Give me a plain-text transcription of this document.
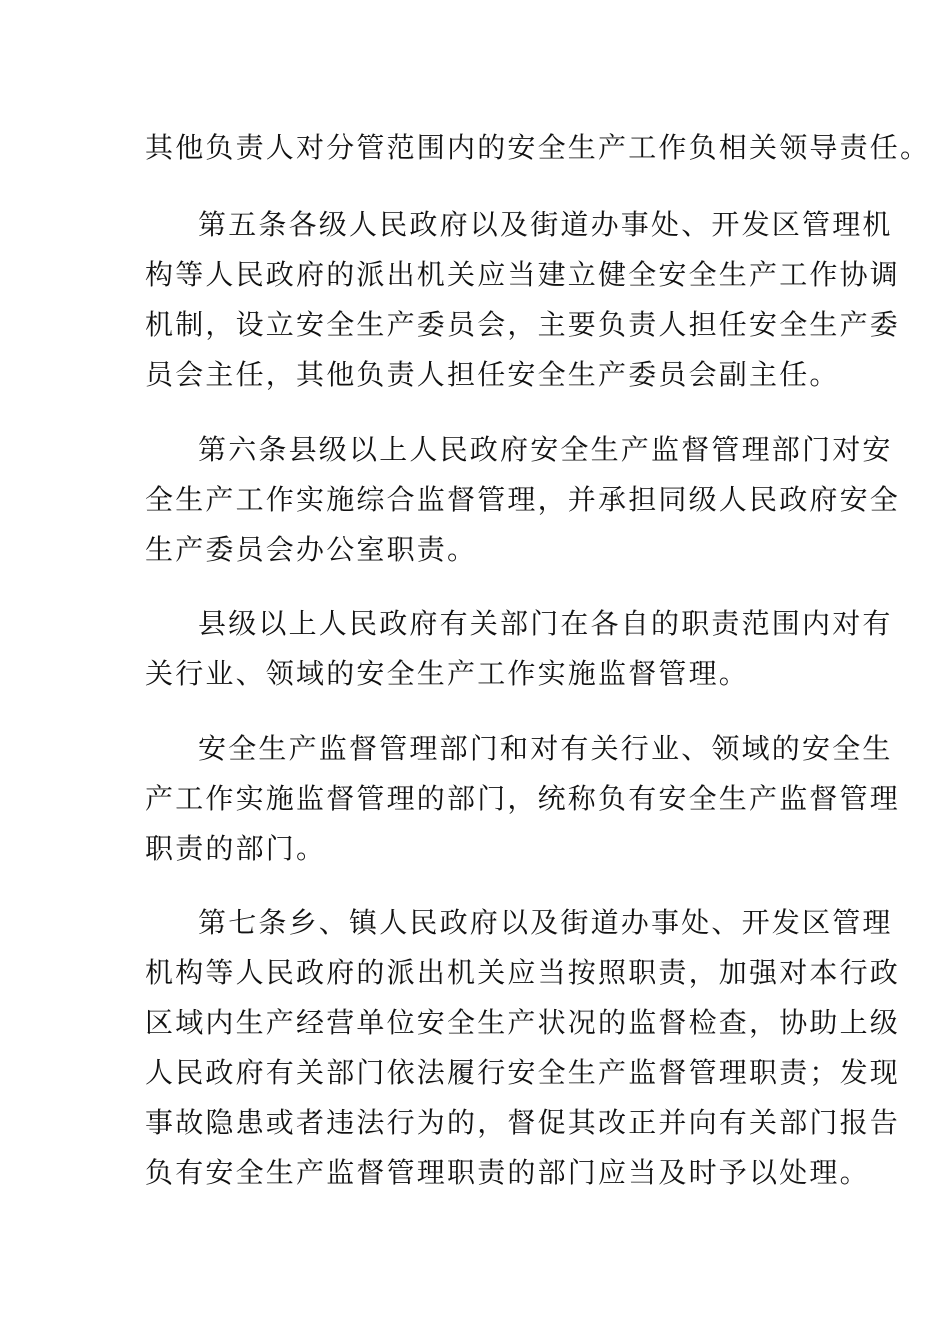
其他负责人对分管范围内的安全生产工作负相关领导责任。
第五条各级人民政府以及街道办事处、开发区管理机
构等人民政府的派出机关应当建立健全安全生产工作协调
机制，设立安全生产委员会，主要负责人担任安全生产委
员会主任，其他负责人担任安全生产委员会副主任。
第六条县级以上人民政府安全生产监督管理部门对安
全生产工作实施综合监督管理，并承担同级人民政府安全
生产委员会办公室职责。
县级以上人民政府有关部门在各自的职责范围内对有
关行业、领域的安全生产工作实施监督管理。
安全生产监督管理部门和对有关行业、领域的安全生
产工作实施监督管理的部门，统称负有安全生产监督管理
职责的部门。
第七条乡、镇人民政府以及街道办事处、开发区管理
机构等人民政府的派出机关应当按照职责，加强对本行政
区域内生产经营单位安全生产状况的监督检查，协助上级
人民政府有关部门依法履行安全生产监督管理职责；发现
事故隐患或者违法行为的，督促其改正并向有关部门报告
负有安全生产监督管理职责的部门应当及时予以处理。
